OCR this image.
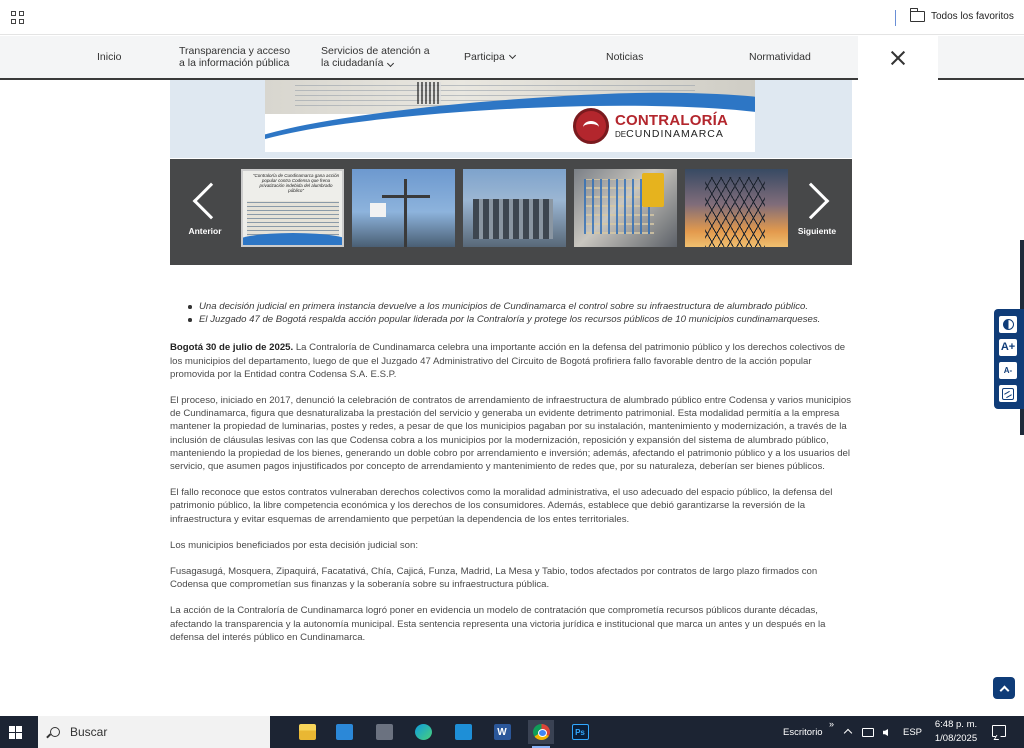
Todos los favoritos
Inicio	Transparencia y acceso
a la información pública
Servicios de atención a
la ciudadanía	Participa	Noticias	Normatividad
CONTRALORÍA
DECUNDINAMARCA
Anterior
"Contraloría de Cundinamarca gana acción popular contra Codensa que frena privatización indebida del alumbrado público"
Siguiente
Una decisión judicial en primera instancia devuelve a los municipios de Cundinamarca el control sobre su infraestructura de alumbrado público.
El Juzgado 47 de Bogotá respalda acción popular liderada por la Contraloría y protege los recursos públicos de 10 municipios cundinamarqueses.

Bogotá 30 de julio de 2025. La Contraloría de Cundinamarca celebra una importante acción en la defensa del patrimonio público y los derechos colectivos de los municipios del departamento, luego de que el Juzgado 47 Administrativo del Circuito de Bogotá profiriera fallo favorable dentro de la acción popular promovida por la Entidad contra Codensa S.A. E.S.P.

El proceso, iniciado en 2017, denunció la celebración de contratos de arrendamiento de infraestructura de alumbrado público entre Codensa y varios municipios de Cundinamarca, figura que desnaturalizaba la prestación del servicio y generaba un evidente detrimento patrimonial. Esta modalidad permitía a la empresa mantener la propiedad de luminarias, postes y redes, a pesar de que los municipios pagaban por su instalación, mantenimiento y modernización, a través de la inclusión de cláusulas lesivas con las que Codensa cobra a los municipios por la modernización, reposición y expansión del sistema de alumbrado público, manteniendo la propiedad de los bienes, generando un doble cobro por arrendamiento e inversión; además, afectando el patrimonio público y a los usuarios del servicio, que asumen pagos injustificados por concepto de arrendamiento y mantenimiento de redes que, por su naturaleza, deberían ser bienes públicos.

El fallo reconoce que estos contratos vulneraban derechos colectivos como la moralidad administrativa, el uso adecuado del espacio público, la defensa del patrimonio público, la libre competencia económica y los derechos de los consumidores. Además, establece que debió garantizarse la reversión de la infraestructura y evitar esquemas de arrendamiento que perpetúan la dependencia de los entes territoriales.

Los municipios beneficiados por esta decisión judicial son:

Fusagasugá, Mosquera, Zipaquirá, Facatativá, Chía, Cajicá, Funza, Madrid, La Mesa y Tabio, todos afectados por contratos de largo plazo firmados con Codensa que comprometían sus finanzas y la soberanía sobre su infraestructura pública.

La acción de la Contraloría de Cundinamarca logró poner en evidencia un modelo de contratación que comprometía recursos públicos durante décadas, afectando la transparencia y la autonomía municipal. Esta sentencia representa una victoria jurídica e institucional que marca un antes y un después en la defensa del interés público en Cundinamarca.

A+
A-
Buscar	W	Ps	Escritorio
»
ESP
6:48 p. m.
1/08/2025
